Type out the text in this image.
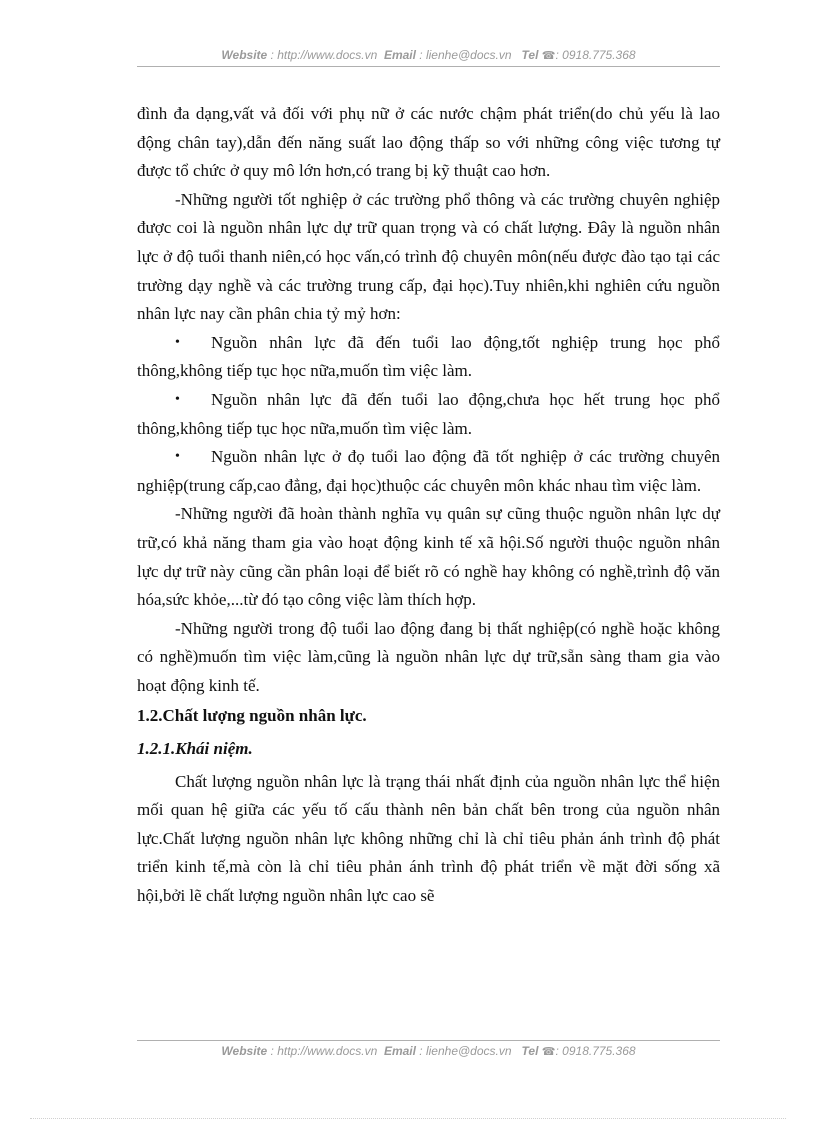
Website : http://www.docs.vn Email : lienhe@docs.vn Tel ☎: 0918.775.368

đình đa dạng,vất vả đối với phụ nữ ở các nước chậm phát triển(do chủ yếu là lao động chân tay),dẫn đến năng suất lao động thấp so với những công việc tương tự được tổ chức ở quy mô lớn hơn,có trang bị kỹ thuật cao hơn.

-Những người tốt nghiệp ở các trường phổ thông và các trường chuyên nghiệp được coi là nguồn nhân lực dự trữ quan trọng và có chất lượng. Đây là nguồn nhân lực ở độ tuổi thanh niên,có học vấn,có trình độ chuyên môn(nếu được đào tạo tại các trường dạy nghề và các trường trung cấp, đại học).Tuy nhiên,khi nghiên cứu nguồn nhân lực nay cần phân chia tỷ mỷ hơn:

•	Nguồn nhân lực đã đến tuổi lao động,tốt nghiệp trung học phổ thông,không tiếp tục học nữa,muốn tìm việc làm.

•	Nguồn nhân lực đã đến tuổi lao động,chưa học hết trung học phổ thông,không tiếp tục học nữa,muốn tìm việc làm.

•	Nguồn nhân lực ở đọ tuổi lao động đã tốt nghiệp ở các trường chuyên nghiệp(trung cấp,cao đẳng, đại học)thuộc các chuyên môn khác nhau tìm việc làm.

-Những người đã hoàn thành nghĩa vụ quân sự cũng thuộc nguồn nhân lực dự trữ,có khả năng tham gia vào hoạt động kinh tế xã hội.Số người thuộc nguồn nhân lực dự trữ này cũng cần phân loại để biết rõ có nghề hay không có nghề,trình độ văn hóa,sức khỏe,...từ đó tạo công việc làm thích hợp.

-Những người trong độ tuổi lao động đang bị thất nghiệp(có nghề hoặc không có nghề)muốn tìm việc làm,cũng là nguồn nhân lực dự trữ,sẵn sàng tham gia vào hoạt động kinh tế.

1.2.Chất lượng nguồn nhân lực.

1.2.1.Khái niệm.

Chất lượng nguồn nhân lực là trạng thái nhất định của nguồn nhân lực thể hiện mối quan hệ giữa các yếu tố cấu thành nên bản chất bên trong của nguồn nhân lực.Chất lượng nguồn nhân lực không những chỉ là chỉ tiêu phản ánh trình độ phát triển kinh tế,mà còn là chỉ tiêu phản ánh trình độ phát triển về mặt đời sống xã hội,bởi lẽ chất lượng nguồn nhân lực cao sẽ

Website : http://www.docs.vn Email : lienhe@docs.vn Tel ☎: 0918.775.368
